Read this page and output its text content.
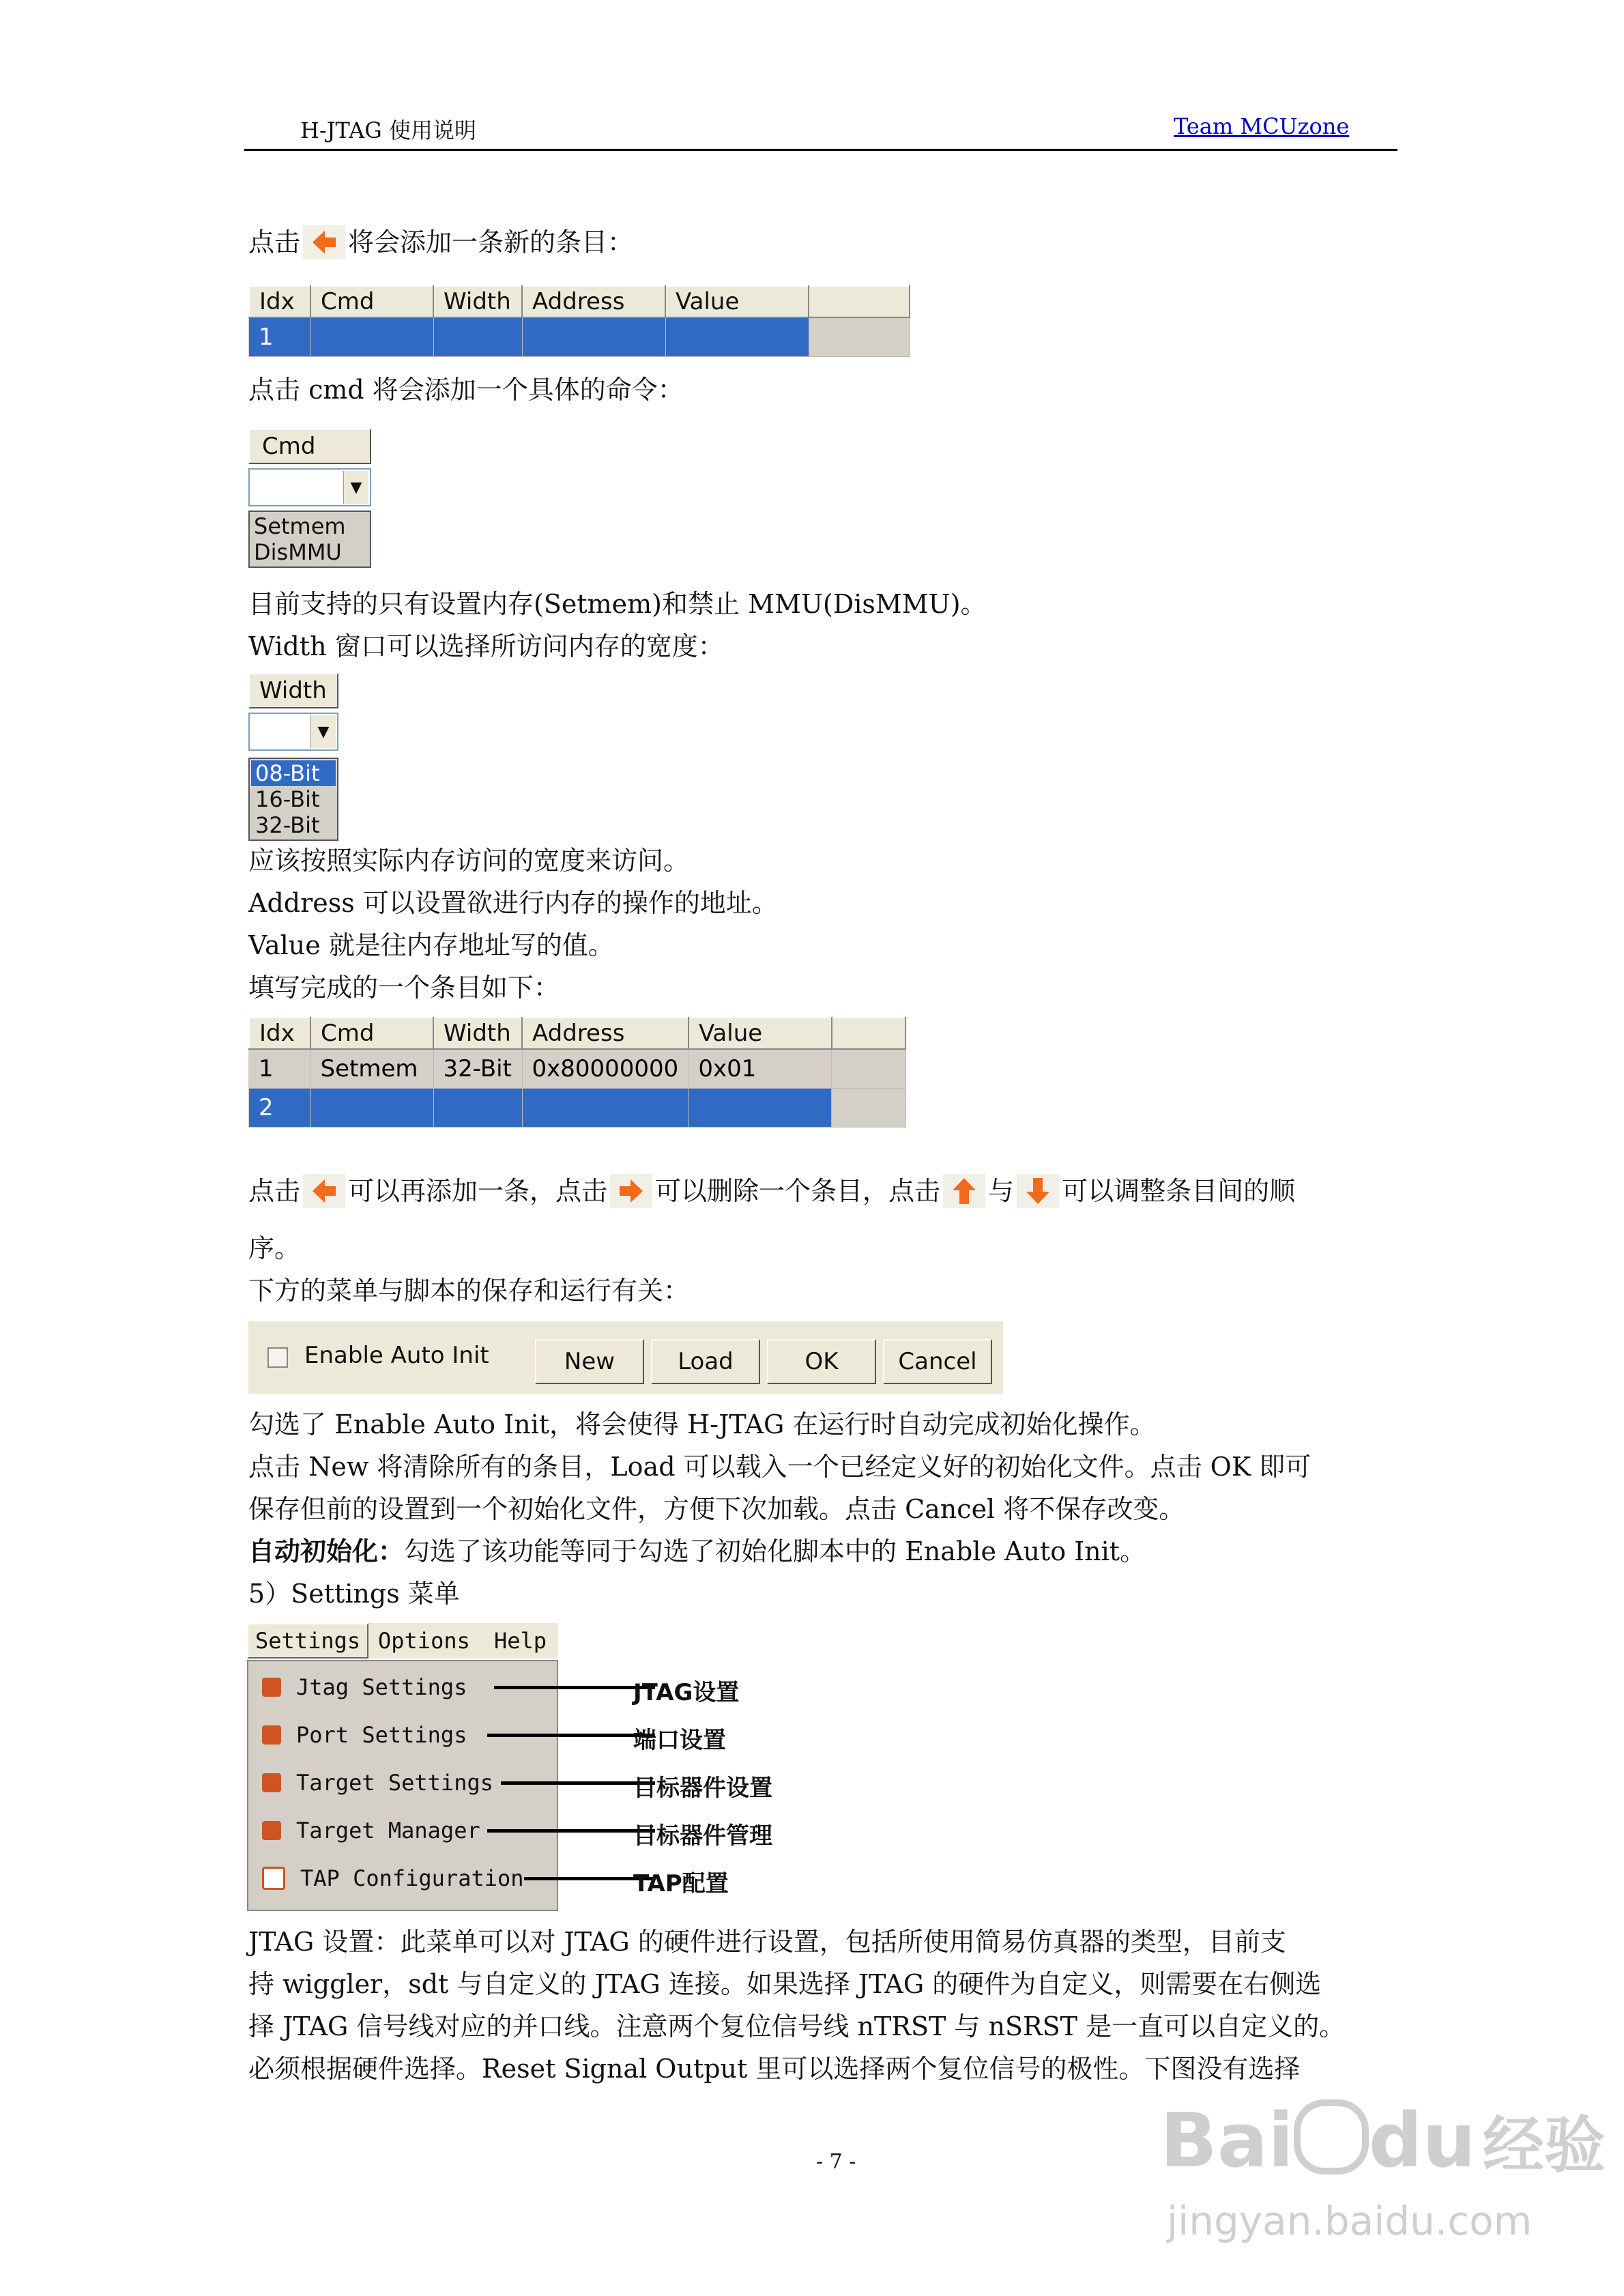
H-JTAG 使用说明	Team MCUzone
点击 将会添加一条新的条目：
Idx	Cmd	Width	Address	Value	
1					
点击 cmd 将会添加一个具体的命令：
Cmd
▼
Setmem
DisMMU
目前支持的只有设置内存(Setmem)和禁止 MMU(DisMMU)。
Width 窗口可以选择所访问内存的宽度：
Width
▼
08-Bit
16-Bit
32-Bit
应该按照实际内存访问的宽度来访问。
Address 可以设置欲进行内存的操作的地址。
Value 就是往内存地址写的值。
填写完成的一个条目如下：
Idx	Cmd	Width	Address	Value	
1	Setmem	32-Bit	0x80000000	0x01	
2					
点击 可以再添加一条，点击 可以删除一个条目，点击 与 可以调整条目间的顺
序。
下方的菜单与脚本的保存和运行有关：
Enable Auto Init	New	Load	OK	Cancel
勾选了 Enable Auto Init，将会使得 H-JTAG 在运行时自动完成初始化操作。
点击 New 将清除所有的条目，Load 可以载入一个已经定义好的初始化文件。点击 OK 即可
保存但前的设置到一个初始化文件，方便下次加载。点击 Cancel 将不保存改变。
自动初始化：勾选了该功能等同于勾选了初始化脚本中的 Enable Auto Init。
5）Settings 菜单
Settings Options Help
Jtag Settings
Port Settings
Target Settings
Target Manager
TAP Configuration
JTAG设置
端口设置
目标器件设置
目标器件管理
TAP配置
JTAG 设置：此菜单可以对 JTAG 的硬件进行设置，包括所使用简易仿真器的类型，目前支
持 wiggler，sdt 与自定义的 JTAG 连接。如果选择 JTAG 的硬件为自定义，则需要在右侧选
择 JTAG 信号线对应的并口线。注意两个复位信号线 nTRST 与 nSRST 是一直可以自定义的。
必须根据硬件选择。Reset Signal Output 里可以选择两个复位信号的极性。下图没有选择
- 7 -	Bai du 经验
jingyan.baidu.com
